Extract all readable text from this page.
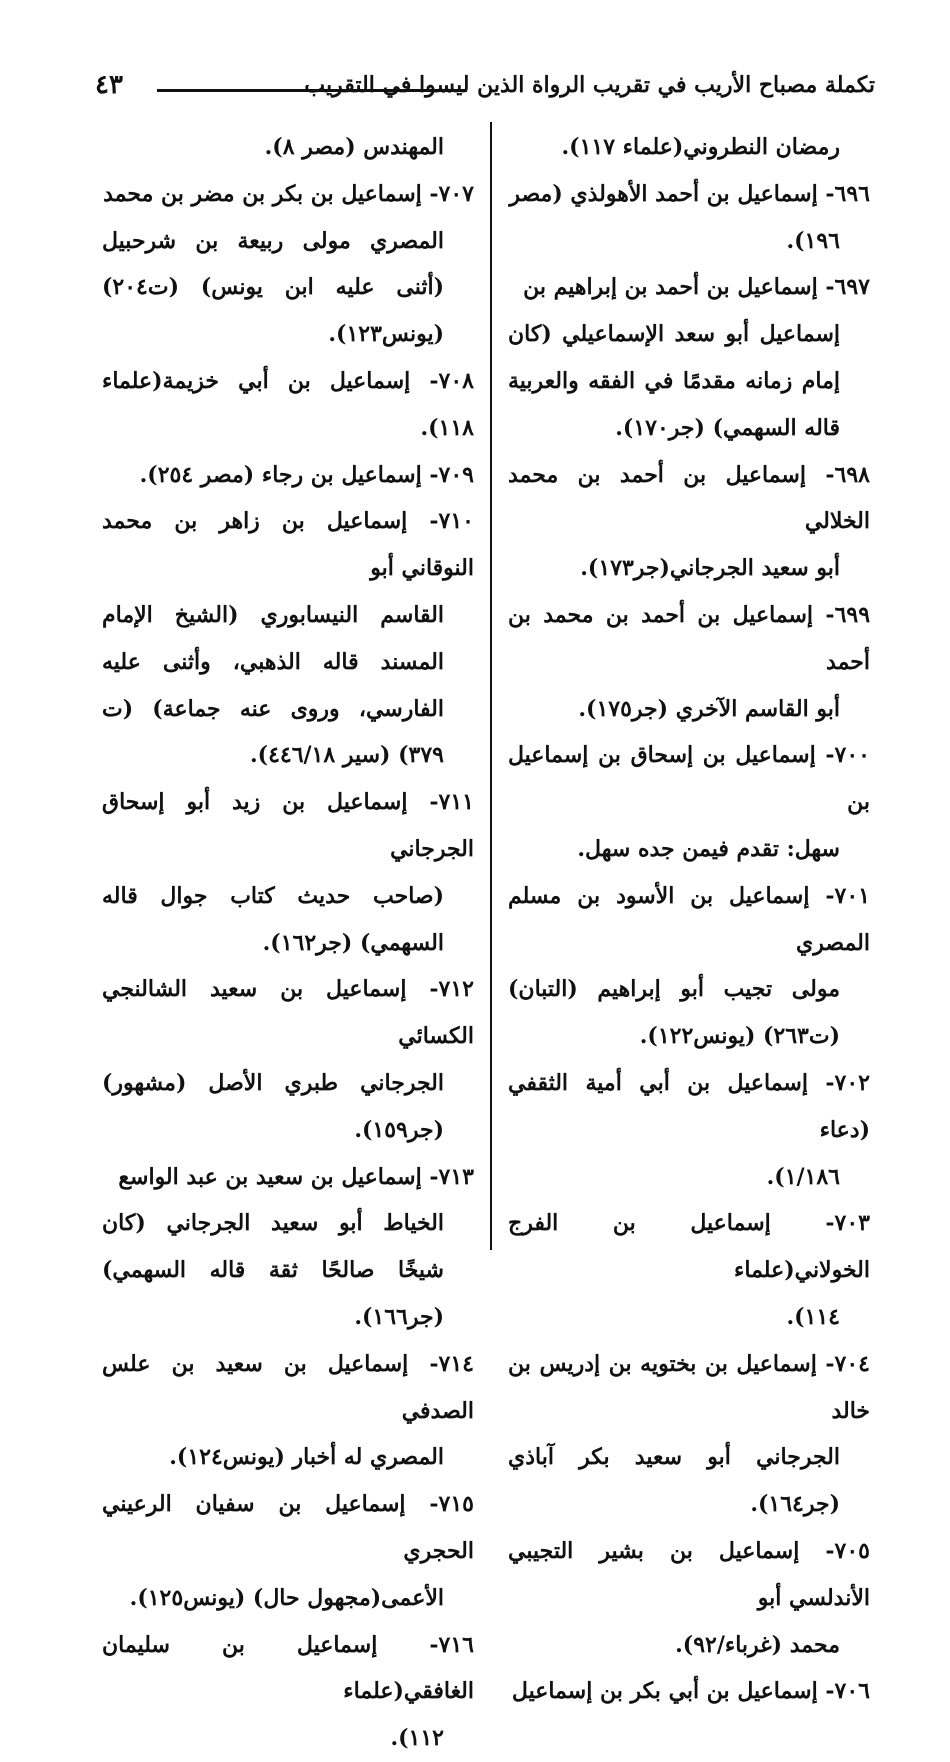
تكملة مصباح الأريب في تقريب الرواة الذين ليسوا في التقريب
٤٣
رمضان النطروني(علماء ١١٧).
٦٩٦- إسماعيل بن أحمد الأهولذي (مصر
١٩٦).
٦٩٧- إسماعيل بن أحمد بن إبراهيم بن
إسماعيل أبو سعد الإسماعيلي (كان إمام زمانه مقدمًا في الفقه والعربية قاله السهمي) (جر١٧٠).
٦٩٨- إسماعيل بن أحمد بن محمد الخلالي
أبو سعيد الجرجاني(جر١٧٣).
٦٩٩- إسماعيل بن أحمد بن محمد بن أحمد
أبو القاسم الآخري (جر١٧٥).
٧٠٠- إسماعيل بن إسحاق بن إسماعيل بن
سهل: تقدم فيمن جده سهل.
٧٠١- إسماعيل بن الأسود بن مسلم المصري
مولى تجيب أبو إبراهيم (التبان) (ت٢٦٣) (يونس١٢٢).
٧٠٢- إسماعيل بن أبي أمية الثقفي (دعاء
١/١٨٦).
٧٠٣- إسماعيل بن الفرج الخولاني(علماء
١١٤).
٧٠٤- إسماعيل بن بختويه بن إدريس بن خالد
الجرجاني أبو سعيد بكر آباذي (جر١٦٤).
٧٠٥- إسماعيل بن بشير التجيبي الأندلسي أبو
محمد (غرباء/٩٢).
٧٠٦- إسماعيل بن أبي بكر بن إسماعيل
المهندس (مصر ٨).
٧٠٧- إسماعيل بن بكر بن مضر بن محمد
المصري مولى ربيعة بن شرحبيل (أثنى عليه ابن يونس) (ت٢٠٤) (يونس١٢٣).
٧٠٨- إسماعيل بن أبي خزيمة(علماء ١١٨).
٧٠٩- إسماعيل بن رجاء (مصر ٢٥٤).
٧١٠- إسماعيل بن زاهر بن محمد النوقاني أبو
القاسم النيسابوري (الشيخ الإمام المسند قاله الذهبي، وأثنى عليه الفارسي، وروى عنه جماعة) (ت ٣٧٩) (سير ٤٤٦/١٨).
٧١١- إسماعيل بن زيد أبو إسحاق الجرجاني
(صاحب حديث كتاب جوال قاله السهمي) (جر١٦٢).
٧١٢- إسماعيل بن سعيد الشالنجي الكسائي
الجرجاني طبري الأصل (مشهور) (جر١٥٩).
٧١٣- إسماعيل بن سعيد بن عبد الواسع
الخياط أبو سعيد الجرجاني (كان شيخًا صالحًا ثقة قاله السهمي) (جر١٦٦).
٧١٤- إسماعيل بن سعيد بن علس الصدفي
المصري له أخبار (يونس١٢٤).
٧١٥- إسماعيل بن سفيان الرعيني الحجري
الأعمى(مجهول حال) (يونس١٢٥).
٧١٦- إسماعيل بن سليمان الغافقي(علماء
١١٢).
